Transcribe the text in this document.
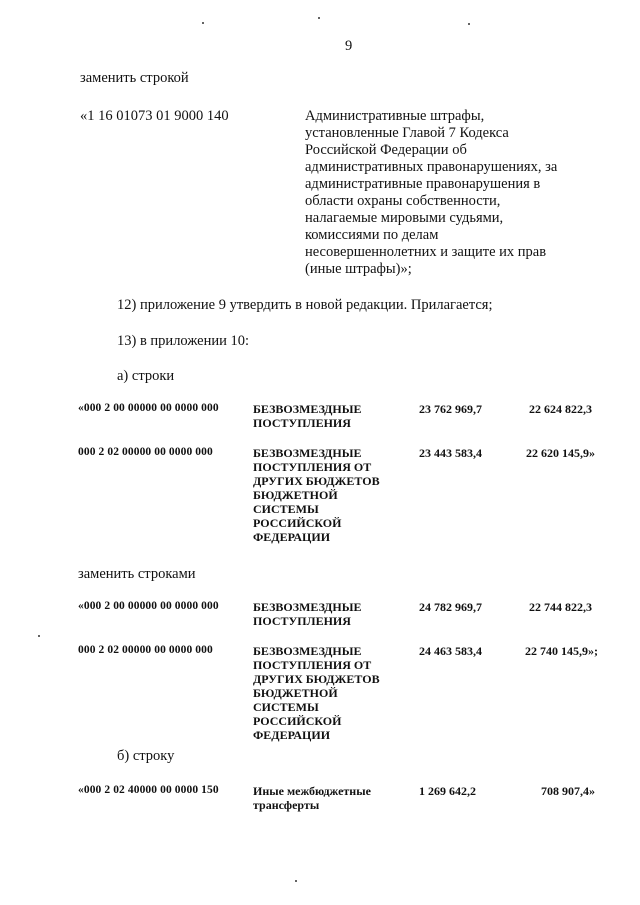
9
заменить строкой
«1 16 01073 01 9000 140	Административные штрафы,
установленные Главой 7 Кодекса
Российской Федерации об
административных правонарушениях, за
административные правонарушения в
области охраны собственности,
налагаемые мировыми судьями,
комиссиями по делам
несовершеннолетних и защите их прав
(иные штрафы)»;
12) приложение 9 утвердить в новой редакции. Прилагается;
13) в приложении 10:
а) строки
«000 2 00 00000 00 0000 000	БЕЗВОЗМЕЗДНЫЕ
ПОСТУПЛЕНИЯ
23 762 969,7	22 624 822,3
000 2 02 00000 00 0000 000	БЕЗВОЗМЕЗДНЫЕ
ПОСТУПЛЕНИЯ ОТ
ДРУГИХ БЮДЖЕТОВ
БЮДЖЕТНОЙ
СИСТЕМЫ
РОССИЙСКОЙ
ФЕДЕРАЦИИ
23 443 583,4	22 620 145,9»
заменить строками
«000 2 00 00000 00 0000 000	БЕЗВОЗМЕЗДНЫЕ
ПОСТУПЛЕНИЯ
24 782 969,7	22 744 822,3
000 2 02 00000 00 0000 000	БЕЗВОЗМЕЗДНЫЕ
ПОСТУПЛЕНИЯ ОТ
ДРУГИХ БЮДЖЕТОВ
БЮДЖЕТНОЙ
СИСТЕМЫ
РОССИЙСКОЙ
ФЕДЕРАЦИИ
24 463 583,4	22 740 145,9»;
б) строку
«000 2 02 40000 00 0000 150	Иные межбюджетные
трансферты
1 269 642,2	708 907,4»
